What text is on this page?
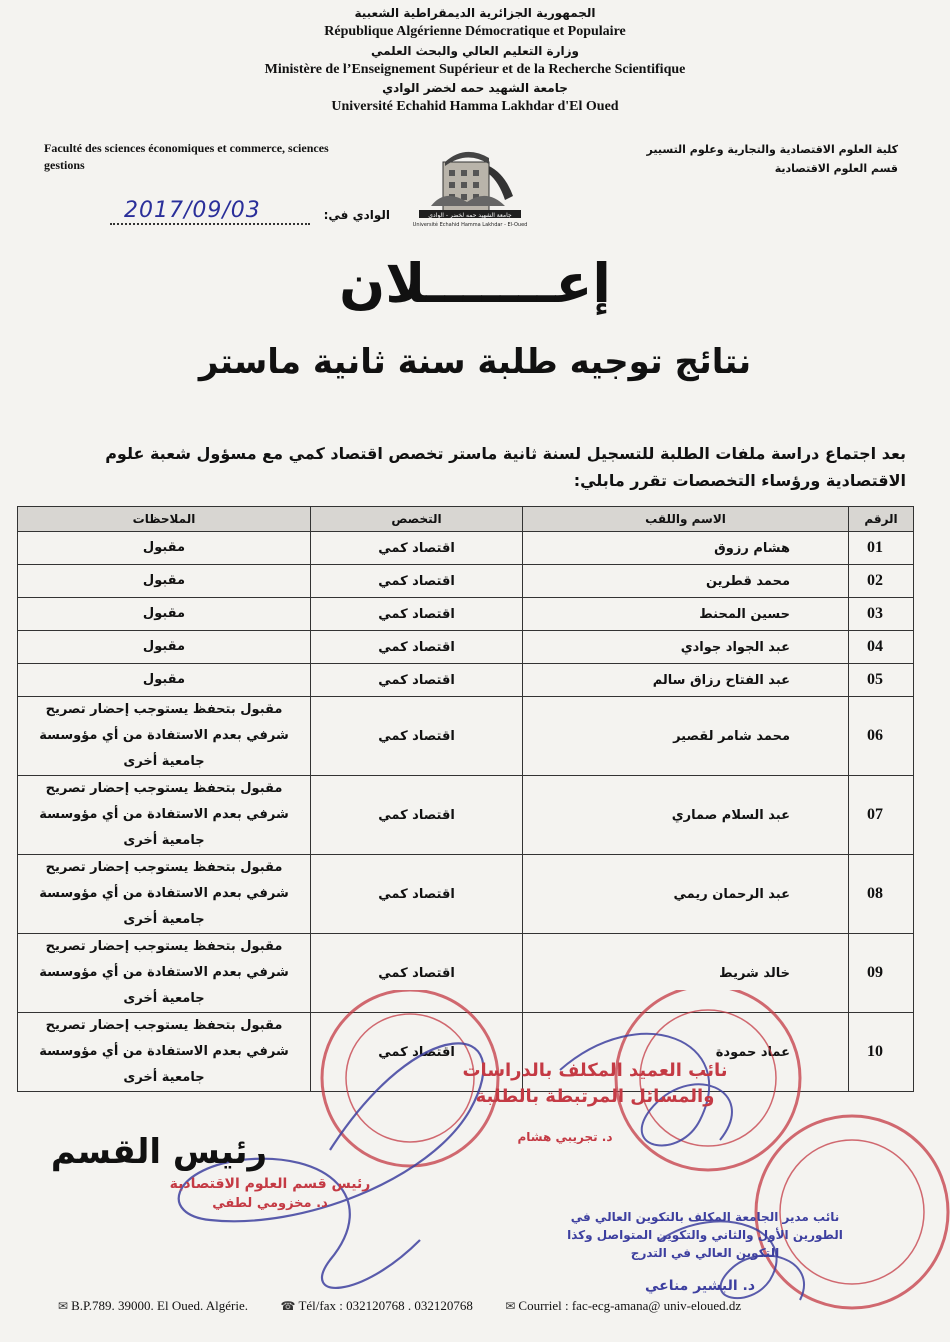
الجمهورية الجزائرية الديمقراطية الشعبية
République Algérienne Démocratique et Populaire
وزارة التعليم العالي والبحث العلمي
Ministère de l’Enseignement Supérieur et de la Recherche Scientifique
جامعة الشهيد حمه لخضر الوادي
Université Echahid Hamma Lakhdar d'El Oued
Faculté des sciences économiques et commerce, sciences
gestions
كلية العلوم الاقتصادية والتجارية وعلوم التسيير
قسم العلوم الاقتصادية
جامعة الشهيد حمه لخضر - الوادي
Université Echahid Hamma Lakhdar - El-Oued
2017/09/03	الوادي في:
إعـــــــلان
نتائج توجيه طلبة سنة ثانية ماستر
بعد اجتماع دراسة ملفات الطلبة للتسجيل لسنة ثانية ماستر تخصص اقتصاد كمي مع مسؤول شعبة علوم الاقتصادية ورؤساء التخصصات تقرر مابلي:
الرقم	الاسم واللقب	التخصص	الملاحظات
01	هشام رزوق	اقتصاد كمي	مقبول
02	محمد قطرين	اقتصاد كمي	مقبول
03	حسين المحنط	اقتصاد كمي	مقبول
04	عبد الجواد جوادي	اقتصاد كمي	مقبول
05	عبد الفتاح رزاق سالم	اقتصاد كمي	مقبول
06	محمد شامر لقصير	اقتصاد كمي	مقبول بتحفظ يستوجب إحضار تصريح شرفي بعدم الاستفادة من أي مؤوسسة جامعية أخرى
07	عبد السلام صماري	اقتصاد كمي	مقبول بتحفظ يستوجب إحضار تصريح شرفي بعدم الاستفادة من أي مؤوسسة جامعية أخرى
08	عبد الرحمان ريمي	اقتصاد كمي	مقبول بتحفظ يستوجب إحضار تصريح شرفي بعدم الاستفادة من أي مؤوسسة جامعية أخرى
09	خالد شريط	اقتصاد كمي	مقبول بتحفظ يستوجب إحضار تصريح شرفي بعدم الاستفادة من أي مؤوسسة جامعية أخرى
10	عماد حمودة	اقتصاد كمي	مقبول بتحفظ يستوجب إحضار تصريح شرفي بعدم الاستفادة من أي مؤوسسة جامعية أخرى	نائب العميد المكلف بالدراسات والمسائل المرتبطة بالطلبة
د. تجريبي هشام
رئيس القسم
رئيس قسم العلوم الاقتصادية
د. مخزومي لطفي
نائب مدير الجامعة المكلف بالتكوين العالي في الطورين الأول والثاني والتكوين المتواصل وكذا التكوين العالي في التدرج
د. البشير مناعي
✉ B.P.789. 39000. El Oued. Algérie.	☎ Tél/fax : 032120768 . 032120768	✉ Courriel : fac-ecg-amana@ univ-eloued.dz
